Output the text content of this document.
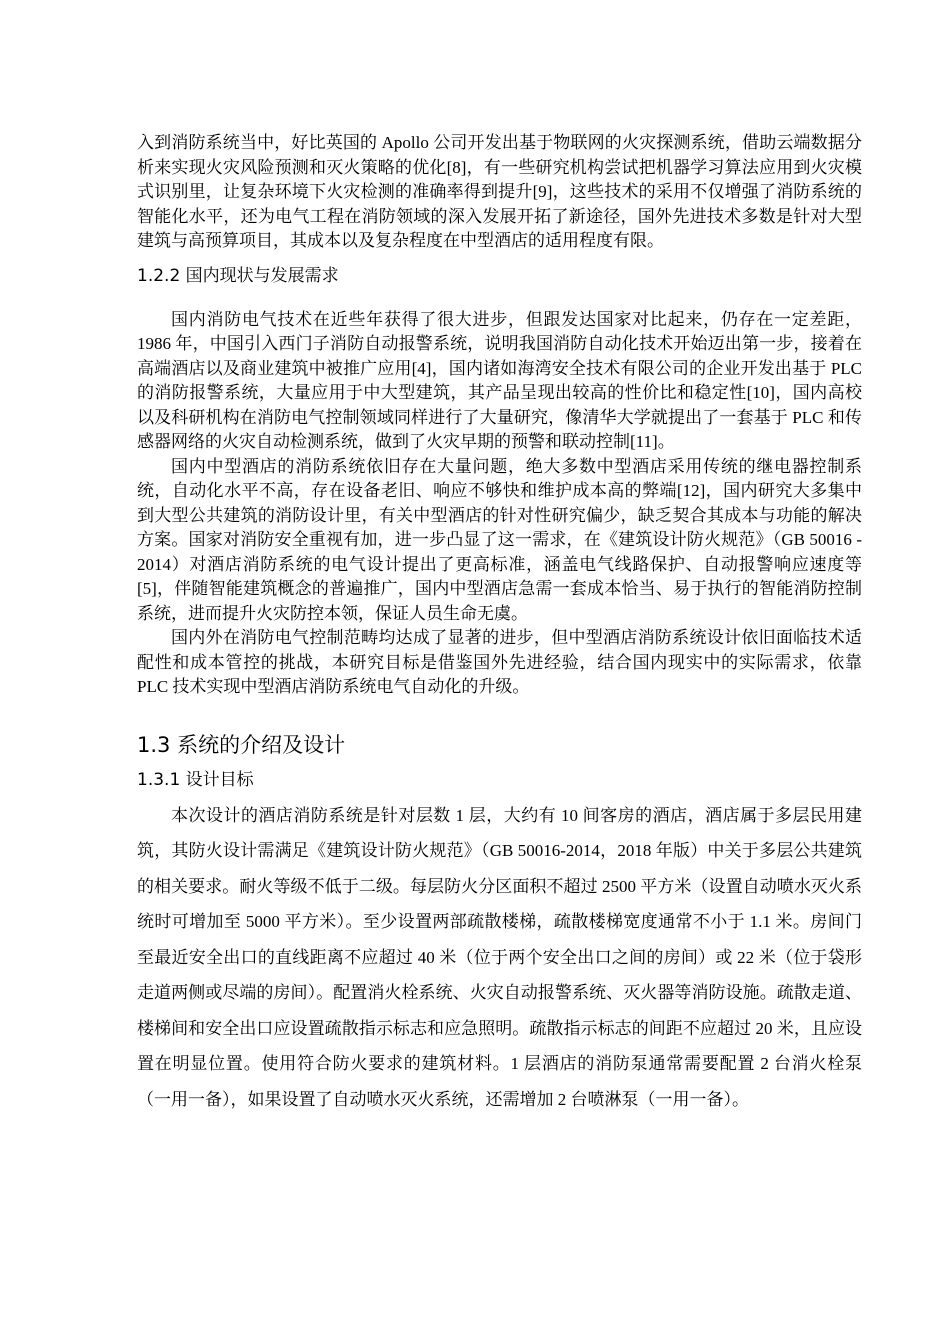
入到消防系统当中，好比英国的 Apollo 公司开发出基于物联网的火灾探测系统，借助云端数据分析来实现火灾风险预测和灭火策略的优化[8]，有一些研究机构尝试把机器学习算法应用到火灾模式识别里，让复杂环境下火灾检测的准确率得到提升[9]，这些技术的采用不仅增强了消防系统的智能化水平，还为电气工程在消防领域的深入发展开拓了新途径，国外先进技术多数是针对大型建筑与高预算项目，其成本以及复杂程度在中型酒店的适用程度有限。

1.2.2 国内现状与发展需求

国内消防电气技术在近些年获得了很大进步，但跟发达国家对比起来，仍存在一定差距，1986 年，中国引入西门子消防自动报警系统，说明我国消防自动化技术开始迈出第一步，接着在高端酒店以及商业建筑中被推广应用[4]，国内诸如海湾安全技术有限公司的企业开发出基于 PLC 的消防报警系统，大量应用于中大型建筑，其产品呈现出较高的性价比和稳定性[10]，国内高校以及科研机构在消防电气控制领域同样进行了大量研究，像清华大学就提出了一套基于 PLC 和传感器网络的火灾自动检测系统，做到了火灾早期的预警和联动控制[11]。

国内中型酒店的消防系统依旧存在大量问题，绝大多数中型酒店采用传统的继电器控制系统，自动化水平不高，存在设备老旧、响应不够快和维护成本高的弊端[12]，国内研究大多集中到大型公共建筑的消防设计里，有关中型酒店的针对性研究偏少，缺乏契合其成本与功能的解决方案。国家对消防安全重视有加，进一步凸显了这一需求，在《建筑设计防火规范》（GB 50016 - 2014）对酒店消防系统的电气设计提出了更高标准，涵盖电气线路保护、自动报警响应速度等[5]，伴随智能建筑概念的普遍推广，国内中型酒店急需一套成本恰当、易于执行的智能消防控制系统，进而提升火灾防控本领，保证人员生命无虞。

国内外在消防电气控制范畴均达成了显著的进步，但中型酒店消防系统设计依旧面临技术适配性和成本管控的挑战，本研究目标是借鉴国外先进经验，结合国内现实中的实际需求，依靠 PLC 技术实现中型酒店消防系统电气自动化的升级。

1.3 系统的介绍及设计
1.3.1 设计目标

本次设计的酒店消防系统是针对层数 1 层，大约有 10 间客房的酒店，酒店属于多层民用建筑，其防火设计需满足《建筑设计防火规范》（GB 50016-2014，2018 年版）中关于多层公共建筑的相关要求。耐火等级不低于二级。每层防火分区面积不超过 2500 平方米（设置自动喷水灭火系统时可增加至 5000 平方米）。至少设置两部疏散楼梯，疏散楼梯宽度通常不小于 1.1 米。房间门至最近安全出口的直线距离不应超过 40 米（位于两个安全出口之间的房间）或 22 米（位于袋形走道两侧或尽端的房间）。配置消火栓系统、火灾自动报警系统、灭火器等消防设施。疏散走道、楼梯间和安全出口应设置疏散指示标志和应急照明。疏散指示标志的间距不应超过 20 米，且应设置在明显位置。使用符合防火要求的建筑材料。1 层酒店的消防泵通常需要配置 2 台消火栓泵（一用一备），如果设置了自动喷水灭火系统，还需增加 2 台喷淋泵（一用一备）。
